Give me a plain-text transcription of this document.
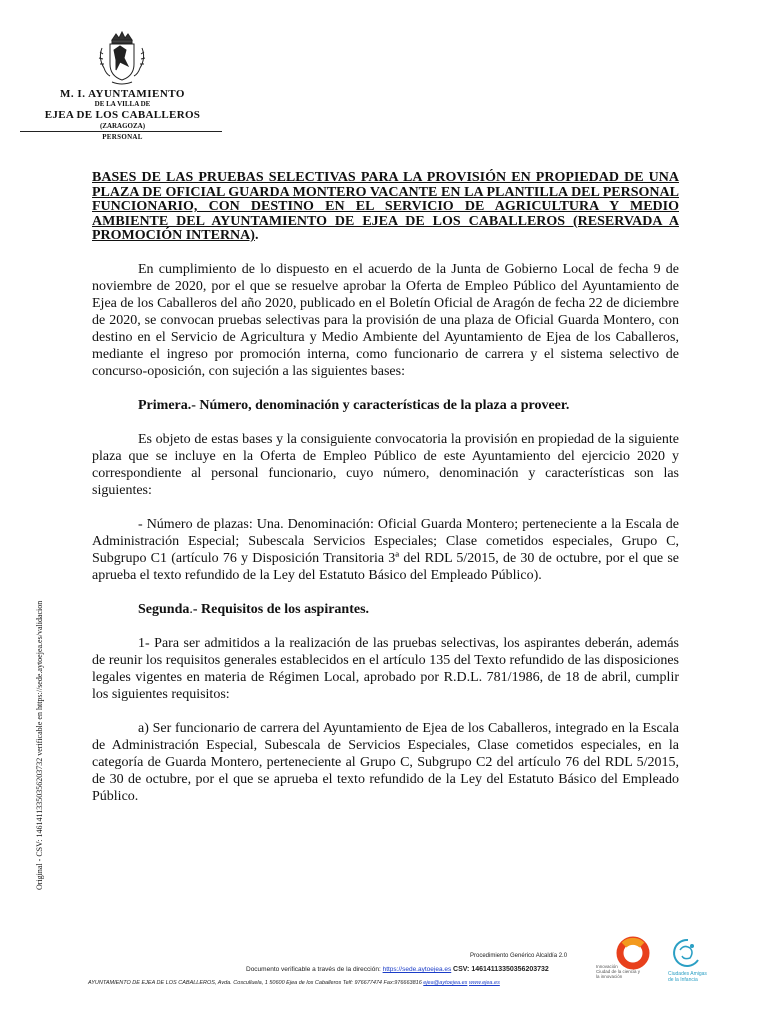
M. I. AYUNTAMIENTO
DE LA VILLA DE
EJEA DE LOS CABALLEROS
(ZARAGOZA)
PERSONAL
Original - CSV: 14614113350356203732 verificable en https://sede.aytoejea.es/validacion
BASES DE LAS PRUEBAS SELECTIVAS PARA LA PROVISIÓN EN PROPIEDAD DE UNA PLAZA DE OFICIAL GUARDA MONTERO VACANTE EN LA PLANTILLA DEL PERSONAL FUNCIONARIO, CON DESTINO EN EL SERVICIO DE AGRICULTURA Y MEDIO AMBIENTE DEL AYUNTAMIENTO DE EJEA DE LOS CABALLEROS (RESERVADA A PROMOCIÓN INTERNA).
En cumplimiento de lo dispuesto en el acuerdo de la Junta de Gobierno Local de fecha 9 de noviembre de 2020, por el que se resuelve aprobar la Oferta de Empleo Público del Ayuntamiento de Ejea de los Caballeros del año 2020, publicado en el Boletín Oficial de Aragón de fecha 22 de diciembre de 2020, se convocan pruebas selectivas para la provisión de una plaza de Oficial Guarda Montero, con destino en el Servicio de Agricultura y Medio Ambiente del Ayuntamiento de Ejea de los Caballeros, mediante el ingreso por promoción interna, como funcionario de carrera y el sistema selectivo de concurso-oposición, con sujeción a las siguientes bases:
Primera.- Número, denominación y características de la plaza a proveer.
Es objeto de estas bases y la consiguiente convocatoria la provisión en propiedad de la siguiente plaza que se incluye en la Oferta de Empleo Público de este Ayuntamiento del ejercicio 2020 y correspondiente al personal funcionario, cuyo número, denominación y características son las siguientes:
- Número de plazas: Una. Denominación: Oficial Guarda Montero; perteneciente a la Escala de Administración Especial; Subescala Servicios Especiales; Clase cometidos especiales, Grupo C, Subgrupo C1 (artículo 76 y Disposición Transitoria 3ª del RDL 5/2015, de 30 de octubre, por el que se aprueba el texto refundido de la Ley del Estatuto Básico del Empleado Público).
Segunda.- Requisitos de los aspirantes.
1- Para ser admitidos a la realización de las pruebas selectivas, los aspirantes deberán, además de reunir los requisitos generales establecidos en el artículo 135 del Texto refundido de las disposiciones legales vigentes en materia de Régimen Local, aprobado por R.D.L. 781/1986, de 18 de abril, cumplir los siguientes requisitos:
a) Ser funcionario de carrera del Ayuntamiento de Ejea de los Caballeros, integrado en la Escala de Administración Especial, Subescala de Servicios Especiales, Clase cometidos especiales, en la categoría de Guarda Montero, perteneciente al Grupo C, Subgrupo C2 del artículo 76 del RDL 5/2015, de 30 de octubre, por el que se aprueba el texto refundido de la Ley del Estatuto Básico del Empleado Público.
Procedimiento Genérico Alcaldía 2.0
Documento verificable a través de la dirección: https://sede.aytoejea.es CSV: 14614113350356203732
AYUNTAMIENTO DE EJEA DE LOS CABALLEROS, Avda. Cosculluela, 1 50600 Ejea de los Caballeros Telf: 976677474 Fax:976663816 ejea@aytoejea.es www.ejea.es
Innovación
Ciudad de la ciencia y la innovación	Ciudades Amigas de la Infancia
